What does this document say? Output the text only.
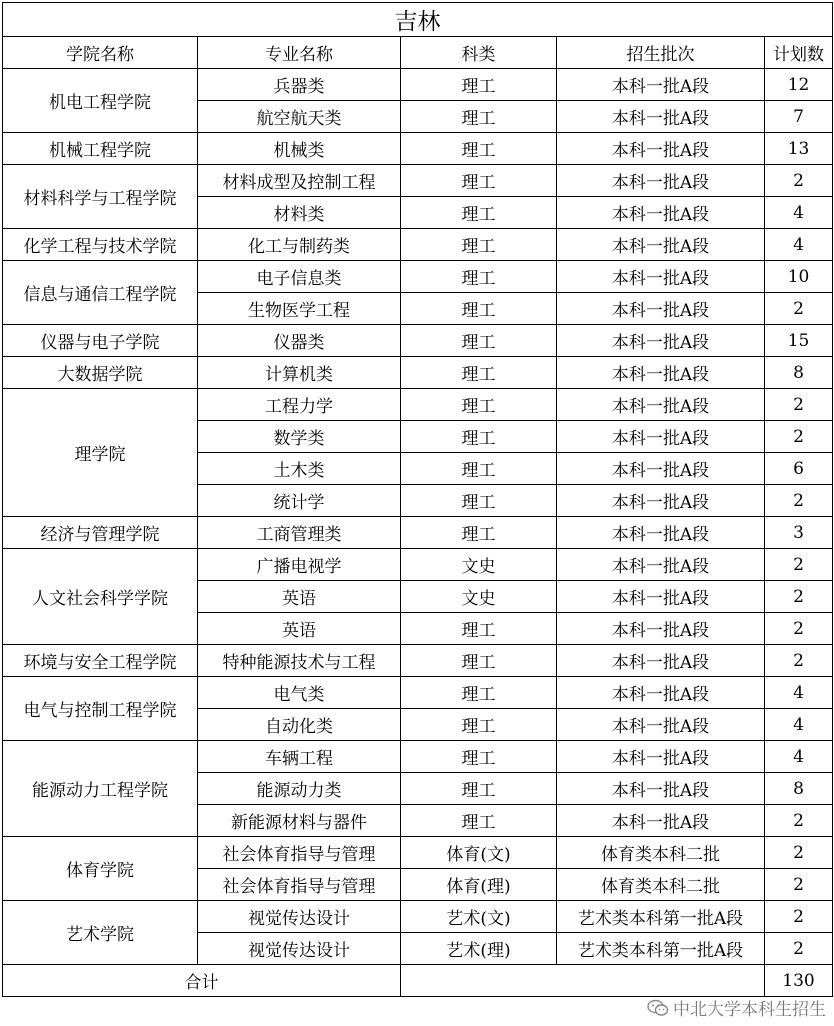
吉林				
学院名称	专业名称	科类	招生批次	计划数
机电工程学院	兵器类	理工	本科一批A段	12
	航空航天类	理工	本科一批A段	7
机械工程学院	机械类	理工	本科一批A段	13
材料科学与工程学院	材料成型及控制工程	理工	本科一批A段	2
	材料类	理工	本科一批A段	4
化学工程与技术学院	化工与制药类	理工	本科一批A段	4
信息与通信工程学院	电子信息类	理工	本科一批A段	10
	生物医学工程	理工	本科一批A段	2
仪器与电子学院	仪器类	理工	本科一批A段	15
大数据学院	计算机类	理工	本科一批A段	8
理学院	工程力学	理工	本科一批A段	2
	数学类	理工	本科一批A段	2
	土木类	理工	本科一批A段	6
	统计学	理工	本科一批A段	2
经济与管理学院	工商管理类	理工	本科一批A段	3
人文社会科学学院	广播电视学	文史	本科一批A段	2
	英语	文史	本科一批A段	2
	英语	理工	本科一批A段	2
环境与安全工程学院	特种能源技术与工程	理工	本科一批A段	2
电气与控制工程学院	电气类	理工	本科一批A段	4
	自动化类	理工	本科一批A段	4
能源动力工程学院	车辆工程	理工	本科一批A段	4
	能源动力类	理工	本科一批A段	8
	新能源材料与器件	理工	本科一批A段	2
体育学院	社会体育指导与管理	体育(文)	体育类本科二批	2
	社会体育指导与管理	体育(理)	体育类本科二批	2
艺术学院	视觉传达设计	艺术(文)	艺术类本科第一批A段	2
	视觉传达设计	艺术(理)	艺术类本科第一批A段	2
合计				130
中北大学本科生招生
